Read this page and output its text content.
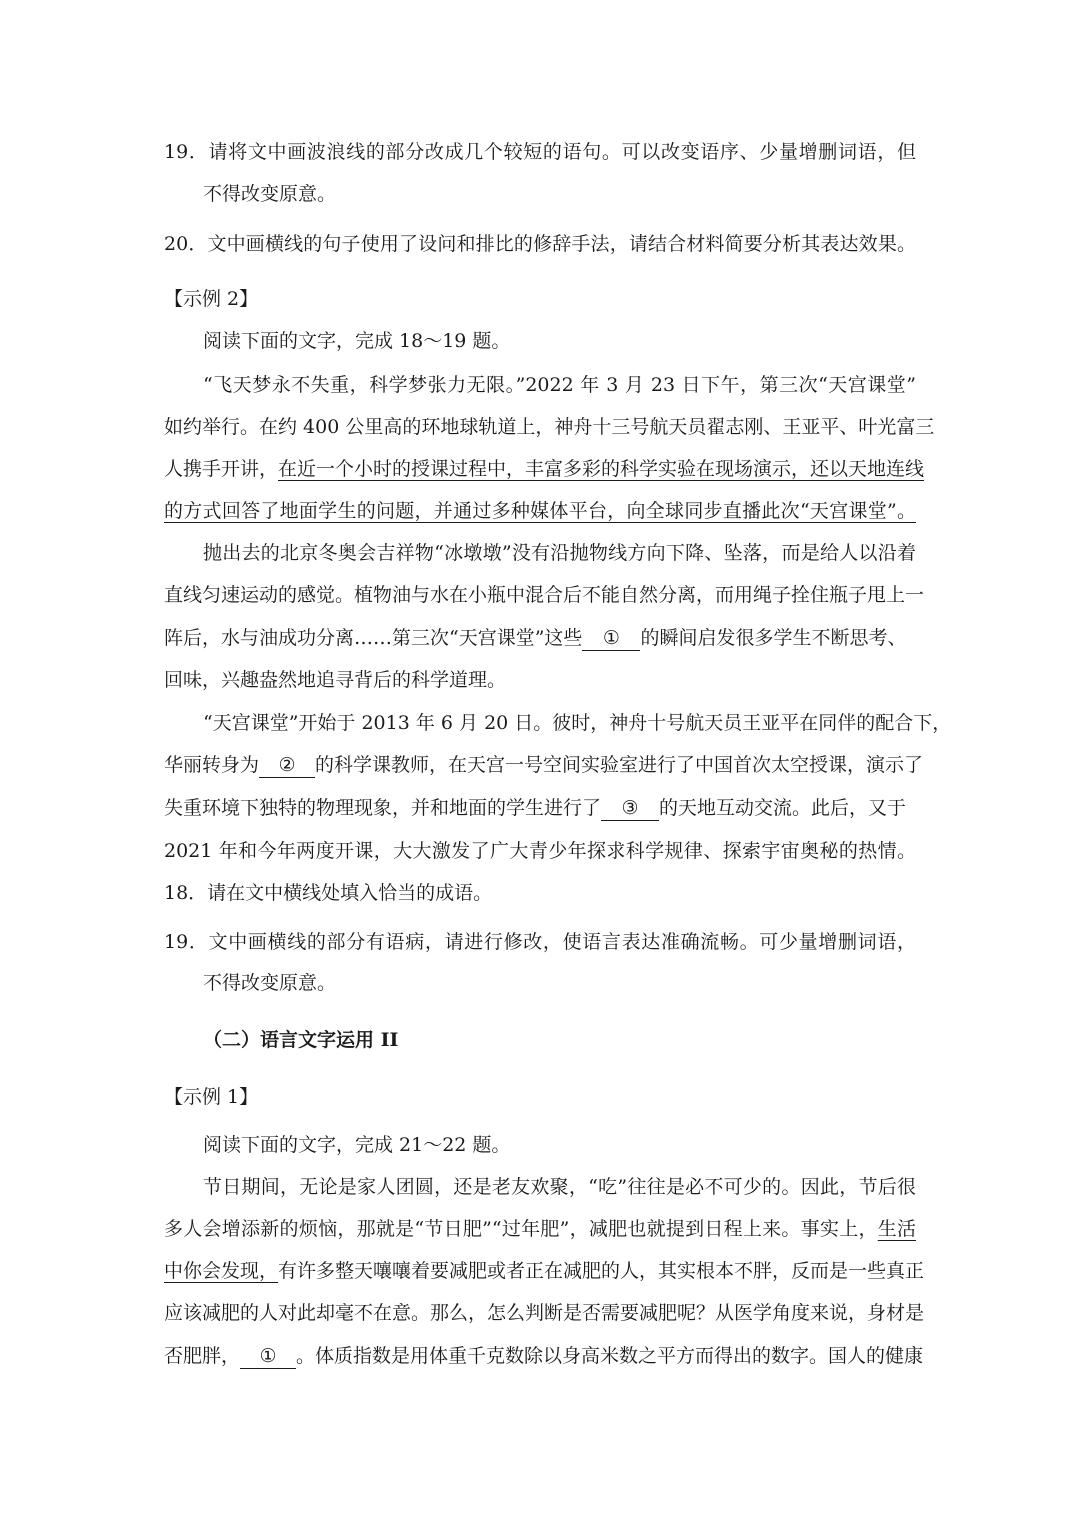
19．请将文中画波浪线的部分改成几个较短的语句。可以改变语序、少量增删词语，但
不得改变原意。
20．文中画横线的句子使用了设问和排比的修辞手法，请结合材料简要分析其表达效果。
【示例 2】
阅读下面的文字，完成 18～19 题。
“飞天梦永不失重，科学梦张力无限。”2022 年 3 月 23 日下午，第三次“天宫课堂”
如约举行。在约 400 公里高的环地球轨道上，神舟十三号航天员翟志刚、王亚平、叶光富三
人携手开讲，在近一个小时的授课过程中，丰富多彩的科学实验在现场演示，还以天地连线
的方式回答了地面学生的问题，并通过多种媒体平台，向全球同步直播此次“天宫课堂”。
抛出去的北京冬奥会吉祥物“冰墩墩”没有沿抛物线方向下降、坠落，而是给人以沿着
直线匀速运动的感觉。植物油与水在小瓶中混合后不能自然分离，而用绳子拴住瓶子甩上一
阵后，水与油成功分离……第三次“天宫课堂”这些 ① 的瞬间启发很多学生不断思考、
回味，兴趣盎然地追寻背后的科学道理。
“天宫课堂”开始于 2013 年 6 月 20 日。彼时，神舟十号航天员王亚平在同伴的配合下，
华丽转身为 ② 的科学课教师，在天宫一号空间实验室进行了中国首次太空授课，演示了
失重环境下独特的物理现象，并和地面的学生进行了 ③ 的天地互动交流。此后，又于
2021 年和今年两度开课，大大激发了广大青少年探求科学规律、探索宇宙奥秘的热情。
18．请在文中横线处填入恰当的成语。
19．文中画横线的部分有语病，请进行修改，使语言表达准确流畅。可少量增删词语，
不得改变原意。
（二）语言文字运用 II
【示例 1】
阅读下面的文字，完成 21～22 题。
节日期间，无论是家人团圆，还是老友欢聚，“吃”往往是必不可少的。因此，节后很
多人会增添新的烦恼，那就是“节日肥”“过年肥”，减肥也就提到日程上来。事实上，生活
中你会发现，有许多整天嚷嚷着要减肥或者正在减肥的人，其实根本不胖，反而是一些真正
应该减肥的人对此却毫不在意。那么，怎么判断是否需要减肥呢？从医学角度来说，身材是
否肥胖， ① 。体质指数是用体重千克数除以身高米数之平方而得出的数字。国人的健康
